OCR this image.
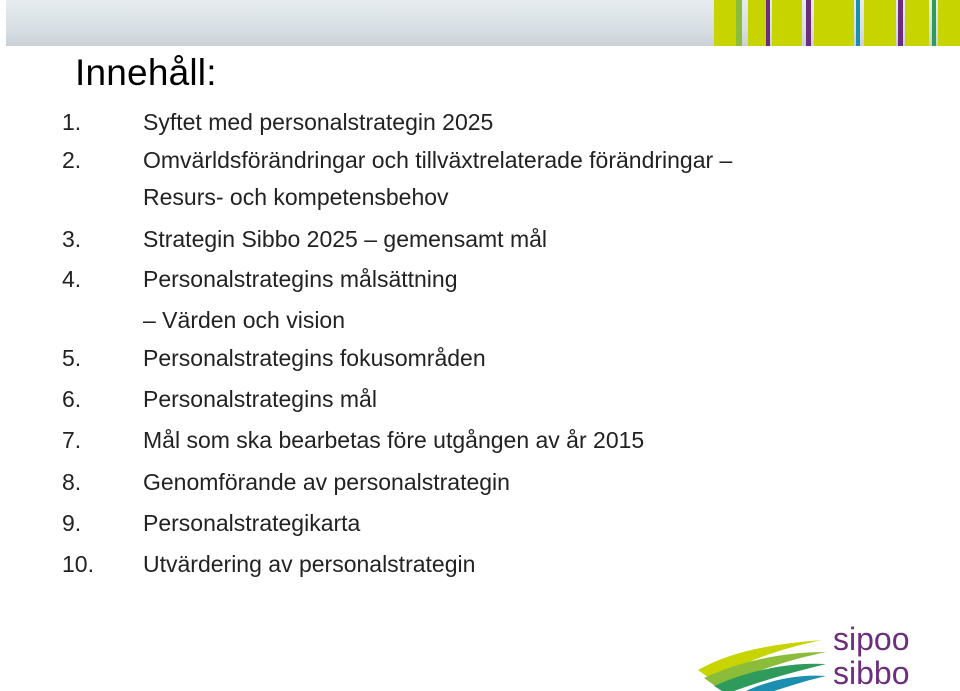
Innehåll:
1.	Syftet med personalstrategin 2025
2.	Omvärldsförändringar och tillväxtrelaterade förändringar –
Resurs- och kompetensbehov
3.	Strategin Sibbo 2025 – gemensamt mål
4.	Personalstrategins målsättning
– Värden och vision
5.	Personalstrategins fokusområden
6.	Personalstrategins mål
7.	Mål som ska bearbetas före utgången av år 2015
8.	Genomförande av personalstrategin
9.	Personalstrategikarta
10. Utvärdering av personalstrategin
sipoo
sibbo
